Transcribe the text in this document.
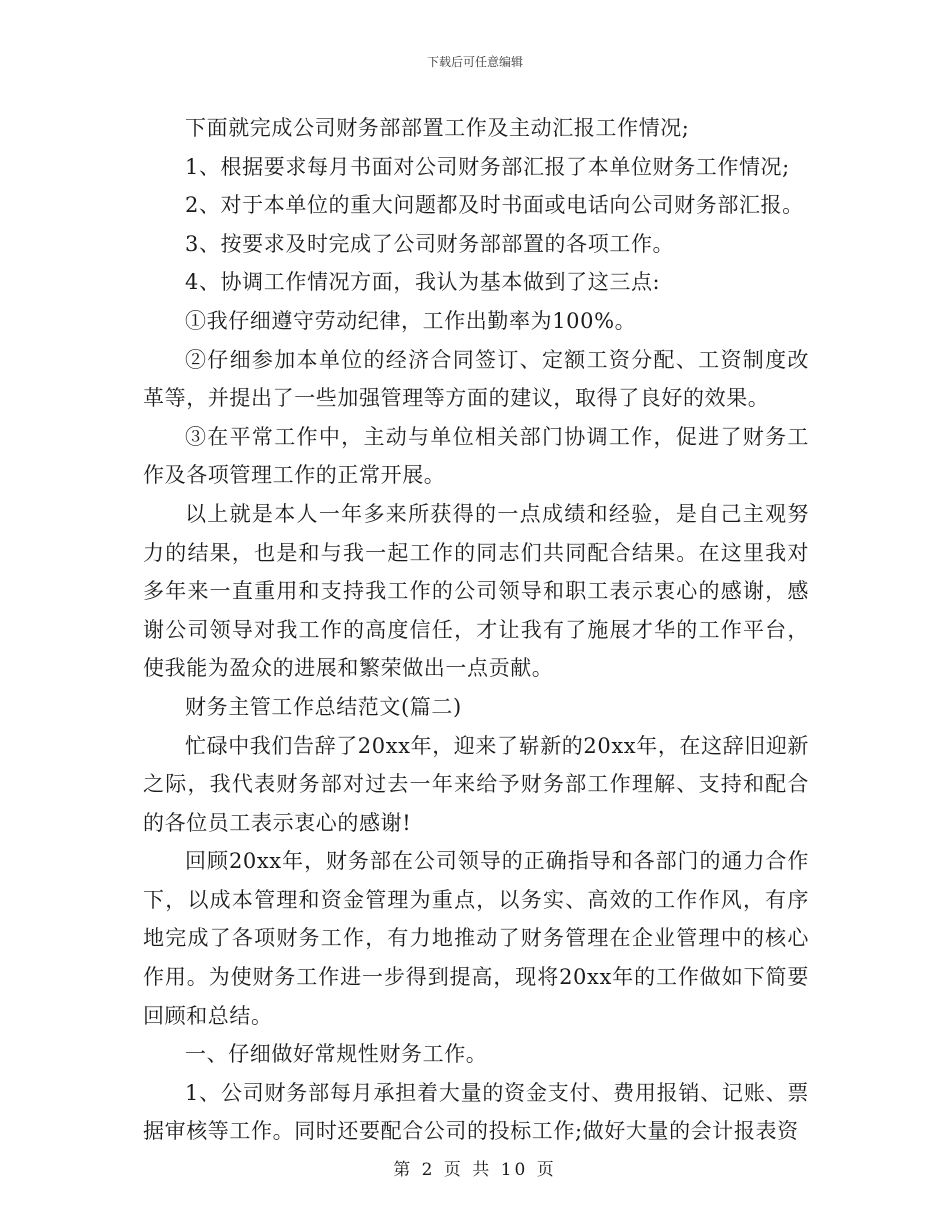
下载后可任意编辑

下面就完成公司财务部部置工作及主动汇报工作情况;

1、根据要求每月书面对公司财务部汇报了本单位财务工作情况;

2、对于本单位的重大问题都及时书面或电话向公司财务部汇报。

3、按要求及时完成了公司财务部部置的各项工作。

4、协调工作情况方面，我认为基本做到了这三点:

①我仔细遵守劳动纪律，工作出勤率为100%。

②仔细参加本单位的经济合同签订、定额工资分配、工资制度改革等，并提出了一些加强管理等方面的建议，取得了良好的效果。

③在平常工作中，主动与单位相关部门协调工作，促进了财务工作及各项管理工作的正常开展。

以上就是本人一年多来所获得的一点成绩和经验，是自己主观努力的结果，也是和与我一起工作的同志们共同配合结果。在这里我对多年来一直重用和支持我工作的公司领导和职工表示衷心的感谢，感谢公司领导对我工作的高度信任，才让我有了施展才华的工作平台，使我能为盈众的进展和繁荣做出一点贡献。

财务主管工作总结范文(篇二)

忙碌中我们告辞了20xx年，迎来了崭新的20xx年，在这辞旧迎新之际，我代表财务部对过去一年来给予财务部工作理解、支持和配合的各位员工表示衷心的感谢!

回顾20xx年，财务部在公司领导的正确指导和各部门的通力合作下，以成本管理和资金管理为重点，以务实、高效的工作作风，有序地完成了各项财务工作，有力地推动了财务管理在企业管理中的核心作用。为使财务工作进一步得到提高，现将20xx年的工作做如下简要回顾和总结。

一、仔细做好常规性财务工作。

1、公司财务部每月承担着大量的资金支付、费用报销、记账、票据审核等工作。同时还要配合公司的投标工作;做好大量的会计报表资

第 2 页 共 10 页
